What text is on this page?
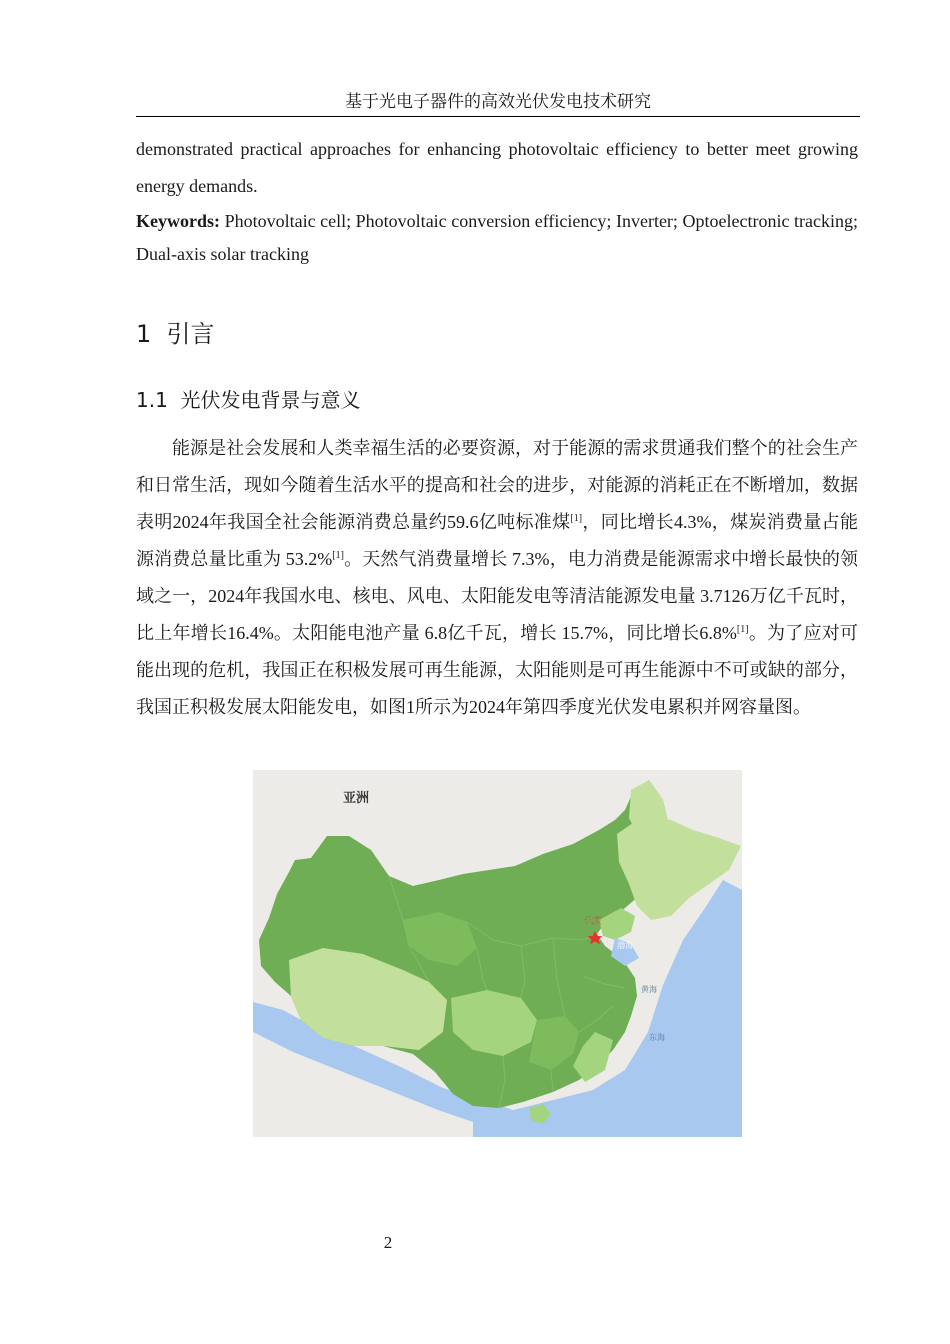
基于光电子器件的高效光伏发电技术研究

demonstrated practical approaches for enhancing photovoltaic efficiency to better meet growing energy demands.

Keywords: Photovoltaic cell; Photovoltaic conversion efficiency; Inverter; Optoelectronic tracking; Dual-axis solar tracking

1 引言
1.1 光伏发电背景与意义

能源是社会发展和人类幸福生活的必要资源，对于能源的需求贯通我们整个的社会生产和日常生活，现如今随着生活水平的提高和社会的进步，对能源的消耗正在不断增加，数据表明2024年我国全社会能源消费总量约59.6亿吨标准煤[1]，同比增长4.3%，煤炭消费量占能源消费总量比重为 53.2%[1]。天然气消费量增长 7.3%，电力消费是能源需求中增长最快的领域之一，2024年我国水电、核电、风电、太阳能发电等清洁能源发电量 3.7126万亿千瓦时，比上年增长16.4%。太阳能电池产量 6.8亿千瓦，增长 15.7%，同比增长6.8%[1]。为了应对可能出现的危机，我国正在积极发展可再生能源，太阳能则是可再生能源中不可或缺的部分，我国正积极发展太阳能发电，如图1所示为2024年第四季度光伏发电累积并网容量图。

亚洲
北京
渤海
黄海
东海
2
